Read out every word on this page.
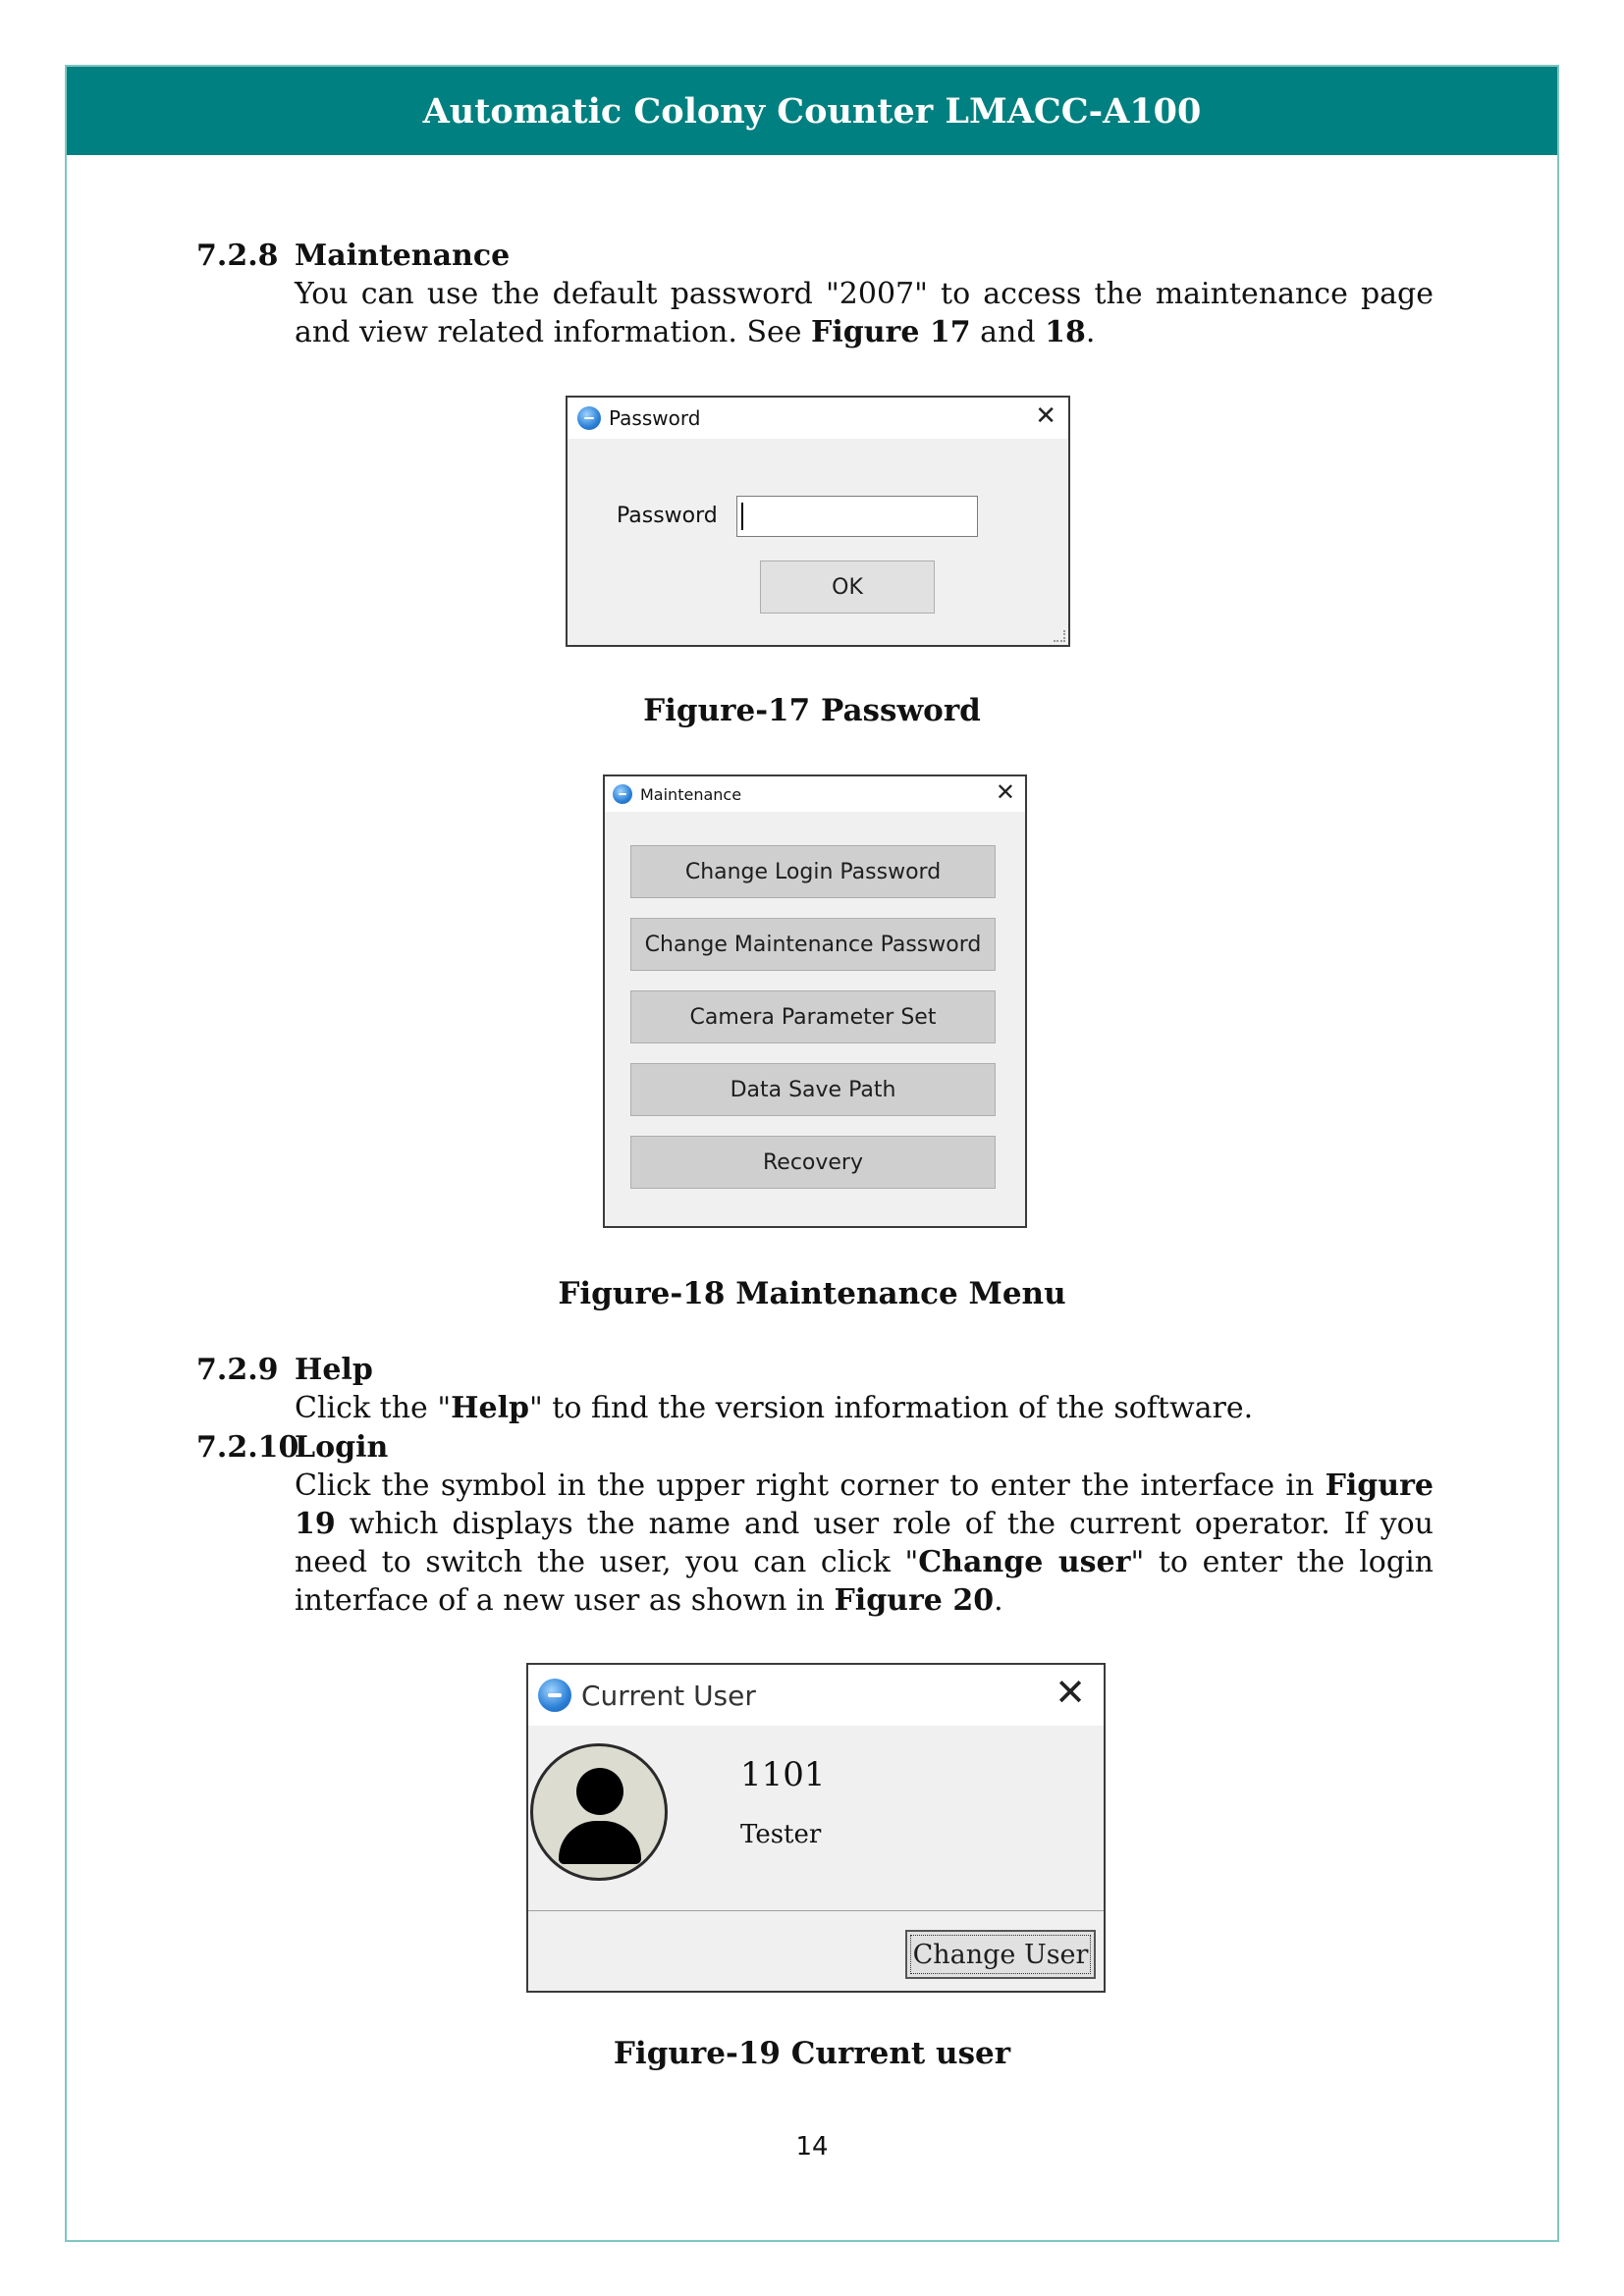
Automatic Colony Counter LMACC-A100
7.2.8 Maintenance
You can use the default password "2007" to access the maintenance page and view related information. See Figure 17 and 18.
Password	✕
Password
OK
Figure-17 Password
Maintenance	✕
Change Login Password
Change Maintenance Password
Camera Parameter Set
Data Save Path
Recovery
Figure-18 Maintenance Menu
7.2.9 Help
Click the "Help" to find the version information of the software.
7.2.10
Login
Click the symbol in the upper right corner to enter the interface in Figure 19 which displays the name and user role of the current operator. If you need to switch the user, you can click "Change user" to enter the login interface of a new user as shown in Figure 20.
Current User	✕
1101
Tester
Change User
Figure-19 Current user
14
